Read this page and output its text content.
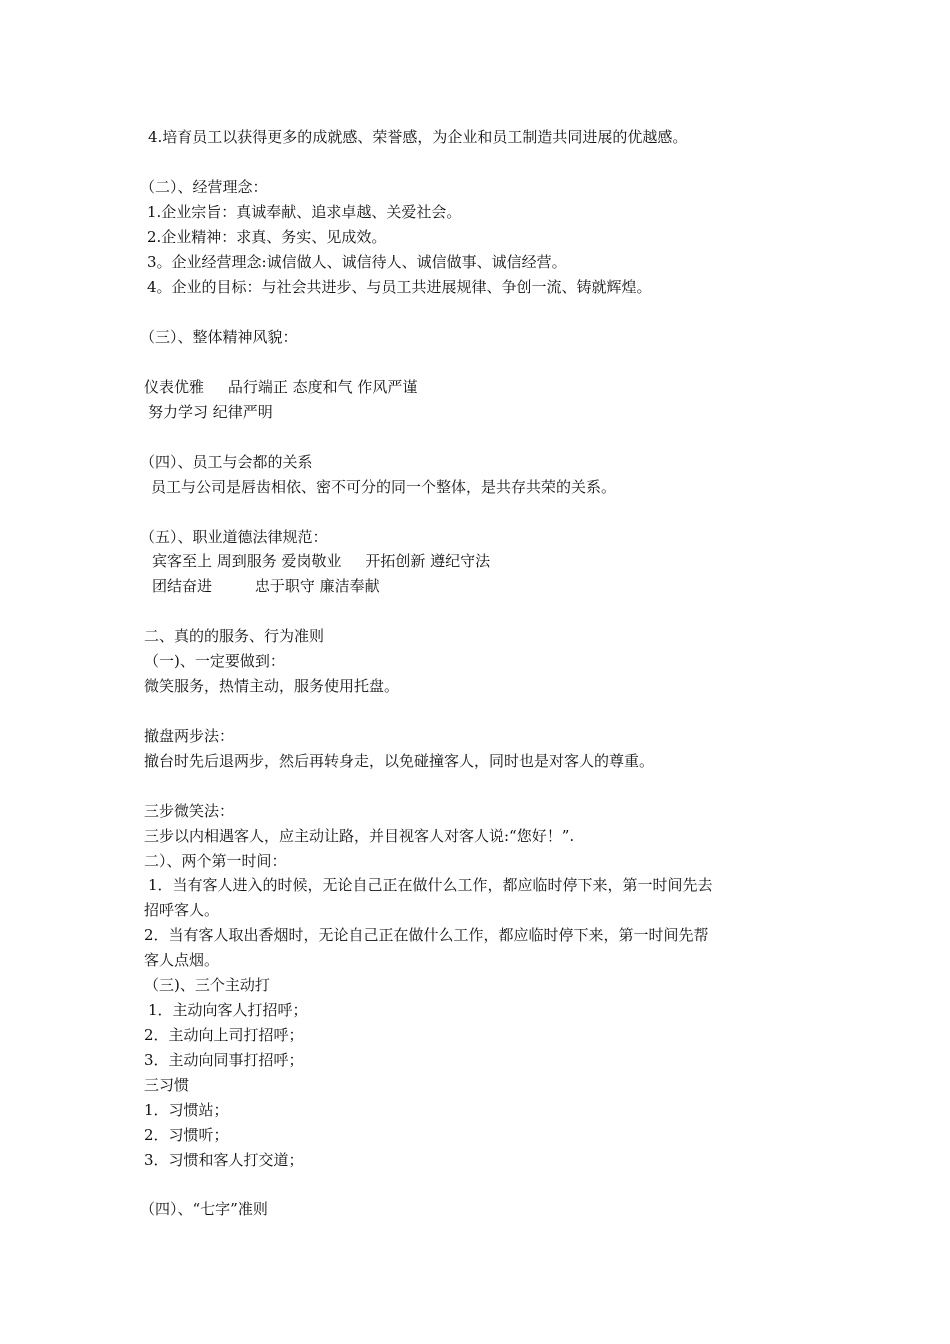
4.培育员工以获得更多的成就感、荣誉感，为企业和员工制造共同进展的优越感。
（二）、经营理念：
1.企业宗旨：真诚奉献、追求卓越、关爱社会。
2.企业精神：求真、务实、见成效。
3。企业经营理念:诚信做人、诚信待人、诚信做事、诚信经营。
4。企业的目标：与社会共进步、与员工共进展规律、争创一流、铸就辉煌。
（三）、整体精神风貌：
仪表优雅     品行端正 态度和气 作风严谨
努力学习 纪律严明
（四）、员工与会都的关系
员工与公司是唇齿相依、密不可分的同一个整体，是共存共荣的关系。
（五）、职业道德法律规范：
宾客至上 周到服务 爱岗敬业     开拓创新 遵纪守法
团结奋进         忠于职守 廉洁奉献
二、真的的服务、行为准则
（一)、一定要做到：
微笑服务，热情主动，服务使用托盘。
撤盘两步法：
撤台时先后退两步，然后再转身走，以免碰撞客人，同时也是对客人的尊重。
三步微笑法：
三步以内相遇客人，应主动让路，并目视客人对客人说:“您好！”.
二）、两个第一时间：
1．当有客人进入的时候，无论自己正在做什么工作，都应临时停下来，第一时间先去
招呼客人。
2．当有客人取出香烟时，无论自己正在做什么工作，都应临时停下来，第一时间先帮
客人点烟。
（三)、三个主动打
1．主动向客人打招呼；
2．主动向上司打招呼；
3．主动向同事打招呼；
三习惯
1．习惯站；
2．习惯听；
3．习惯和客人打交道；
（四）、“七字”准则
